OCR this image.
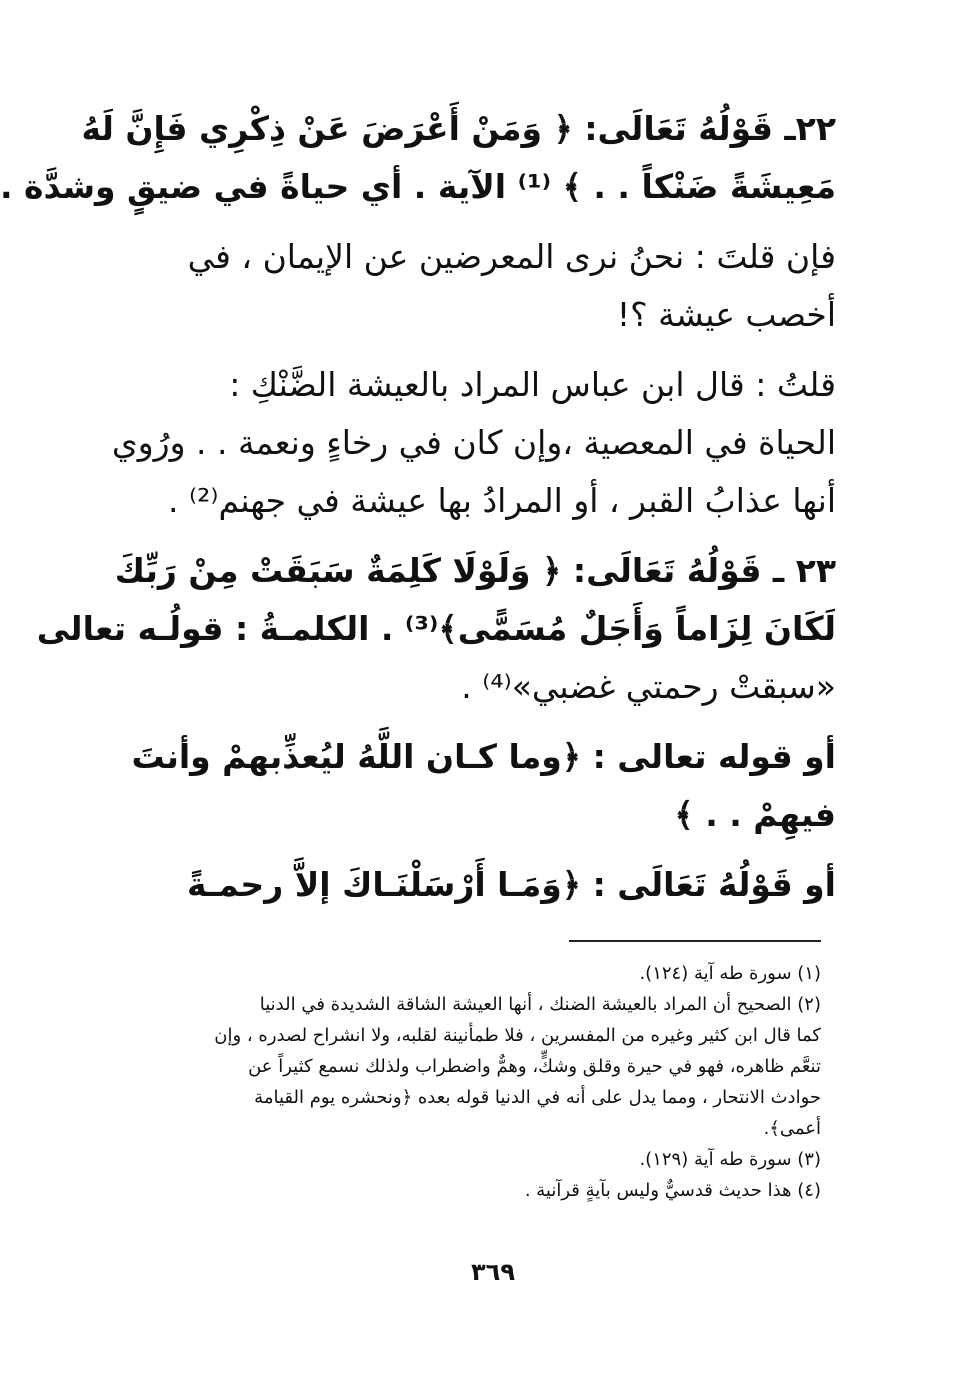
٢٢ـ قَوْلُهُ تَعَالَى: ﴿ وَمَنْ أَعْرَضَ عَنْ ذِكْرِي فَإِنَّ لَهُ

مَعِيشَةً ضَنْكاً . . ﴾ ⁽¹⁾ الآية . أي حياةً في ضيقٍ وشدَّة .

فإن قلتَ : نحنُ نرى المعرضين عن الإيمان ، في

أخصب عيشة ؟!

قلتُ : قال ابن عباس المراد بالعيشة الضَّنْكِ :

الحياة في المعصية ،وإن كان في رخاءٍ ونعمة . . ورُوي

أنها عذابُ القبر ، أو المرادُ بها عيشة في جهنم⁽²⁾ .

٢٣ ـ قَوْلُهُ تَعَالَى: ﴿ وَلَوْلَا كَلِمَةٌ سَبَقَتْ مِنْ رَبِّكَ

لَكَانَ لِزَاماً وَأَجَلٌ مُسَمًّى﴾⁽³⁾ . الكلمـةُ : قولُـه تعالى

«سبقتْ رحمتي غضبي»⁽⁴⁾ .

أو قوله تعالى : ﴿وما كـان اللَّهُ ليُعذِّبهمْ وأنتَ

فيهِمْ . . ﴾

أو قَوْلُهُ تَعَالَى : ﴿وَمَـا أَرْسَلْنَـاكَ إلاَّ رحمـةً

(١) سورة طه آية (١٢٤).

(٢) الصحيح أن المراد بالعيشة الضنك ، أنها العيشة الشاقة الشديدة في الدنيا

كما قال ابن كثير وغيره من المفسرين ، فلا طمأنينة لقلبه، ولا انشراح لصدره ، وإن

تنعَّم ظاهره، فهو في حيرة وقلق وشكٍّ، وهمٌّ واضطراب ولذلك نسمع كثيراً عن

حوادث الانتحار ، ومما يدل على أنه في الدنيا قوله بعده ﴿ونحشره يوم القيامة

أعمى﴾.

(٣) سورة طه آية (١٢٩).

(٤) هذا حديث قدسيٌّ وليس بآيةٍ قرآنية .

٣٦٩
